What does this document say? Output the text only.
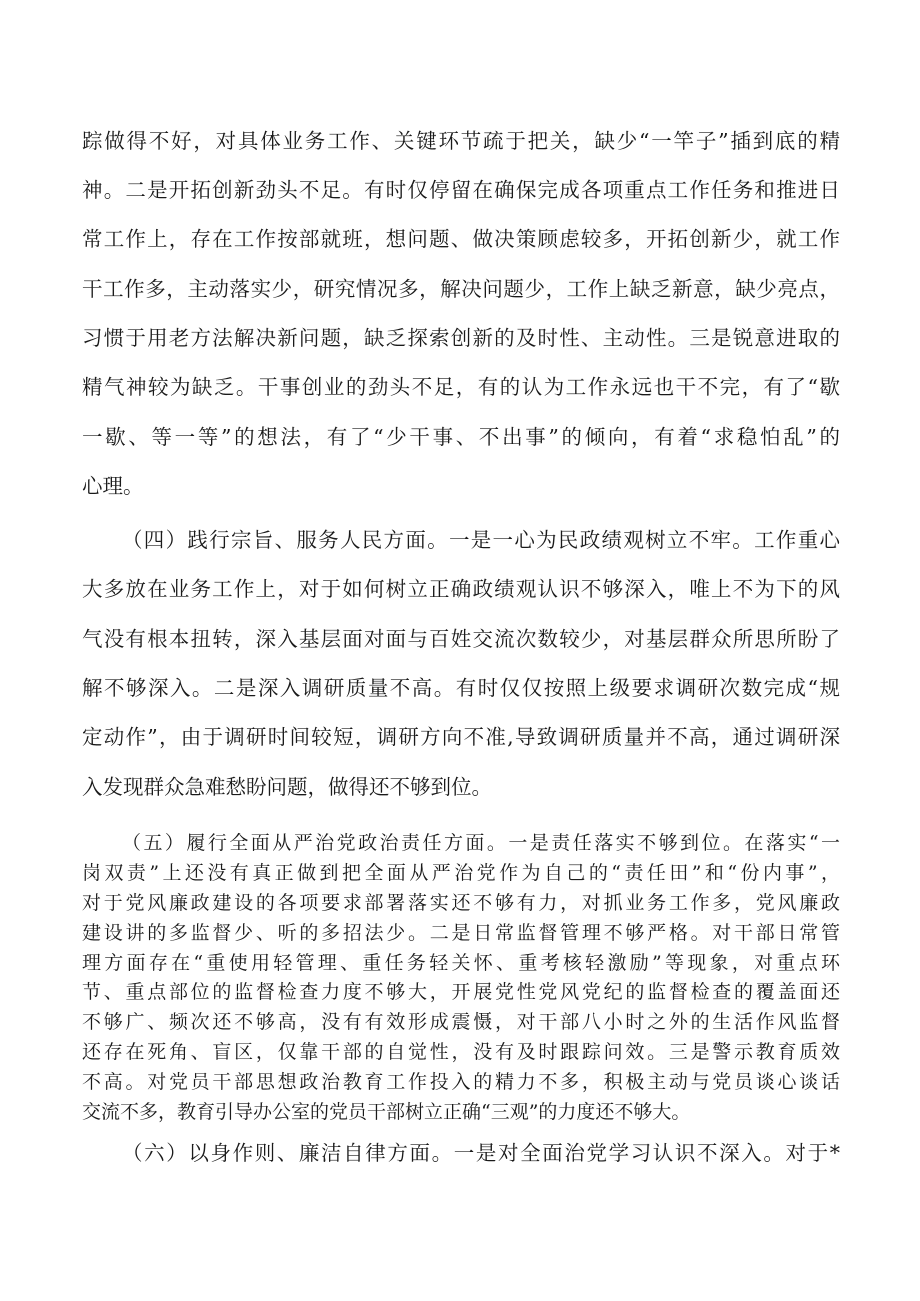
踪做得不好，对具体业务工作、关键环节疏于把关，缺少“一竿子”插到底的精
神。二是开拓创新劲头不足。有时仅停留在确保完成各项重点工作任务和推进日
常工作上，存在工作按部就班，想问题、做决策顾虑较多，开拓创新少，就工作
干工作多，主动落实少，研究情况多，解决问题少，工作上缺乏新意，缺少亮点，
习惯于用老方法解决新问题，缺乏探索创新的及时性、主动性。三是锐意进取的
精气神较为缺乏。干事创业的劲头不足，有的认为工作永远也干不完，有了“歇
一歇、等一等”的想法，有了“少干事、不出事”的倾向，有着“求稳怕乱”的
心理。
（四）践行宗旨、服务人民方面。一是一心为民政绩观树立不牢。工作重心
大多放在业务工作上，对于如何树立正确政绩观认识不够深入，唯上不为下的风
气没有根本扭转，深入基层面对面与百姓交流次数较少，对基层群众所思所盼了
解不够深入。二是深入调研质量不高。有时仅仅按照上级要求调研次数完成“规
定动作”，由于调研时间较短，调研方向不准,导致调研质量并不高，通过调研深
入发现群众急难愁盼问题，做得还不够到位。
（五）履行全面从严治党政治责任方面。一是责任落实不够到位。在落实“一
岗双责”上还没有真正做到把全面从严治党作为自己的“责任田”和“份内事”，
对于党风廉政建设的各项要求部署落实还不够有力，对抓业务工作多，党风廉政
建设讲的多监督少、听的多招法少。二是日常监督管理不够严格。对干部日常管
理方面存在“重使用轻管理、重任务轻关怀、重考核轻激励”等现象，对重点环
节、重点部位的监督检查力度不够大，开展党性党风党纪的监督检查的覆盖面还
不够广、频次还不够高，没有有效形成震慑，对干部八小时之外的生活作风监督
还存在死角、盲区，仅靠干部的自觉性，没有及时跟踪问效。三是警示教育质效
不高。对党员干部思想政治教育工作投入的精力不多，积极主动与党员谈心谈话
交流不多，教育引导办公室的党员干部树立正确“三观”的力度还不够大。
（六）以身作则、廉洁自律方面。一是对全面治党学习认识不深入。对于*
